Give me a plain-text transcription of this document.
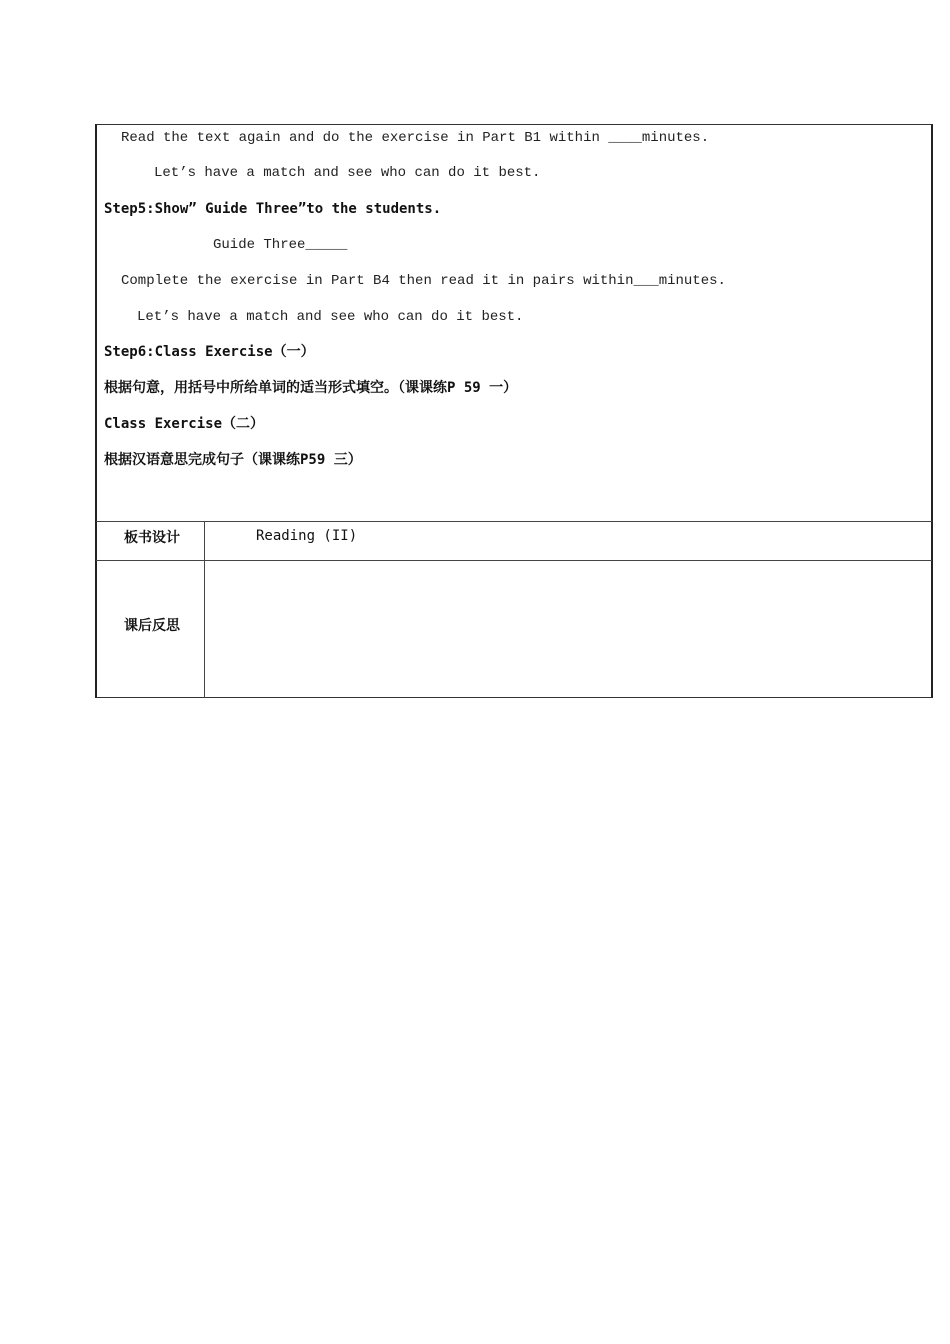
Read the text again and do the exercise in Part B1 within ____minutes.
Let’s have a match and see who can do it best.
Step5:Show” Guide Three”to the students.
Guide Three_____
Complete the exercise in Part B4 then read it in pairs within___minutes.
Let’s have a match and see who can do it best.
Step6:Class Exercise（一）
根据句意，用括号中所给单词的适当形式填空。（课课练P 59 一）
Class Exercise（二）
根据汉语意思完成句子（课课练P59 三）
板书设计	Reading (II)
课后反思
